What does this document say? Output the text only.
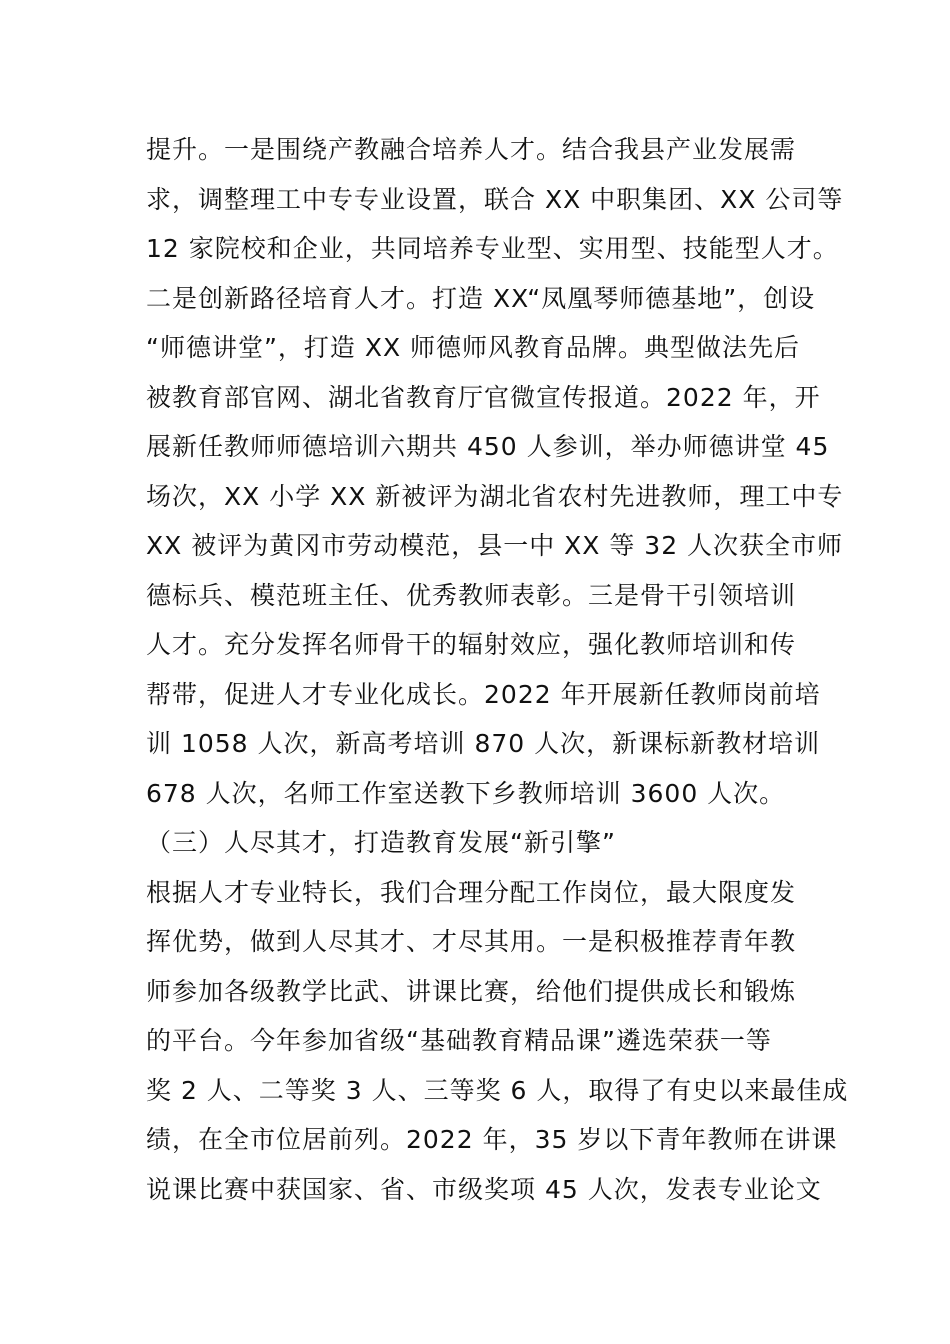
提升。一是围绕产教融合培养人才。结合我县产业发展需
求，调整理工中专专业设置，联合 XX 中职集团、XX 公司等
12 家院校和企业，共同培养专业型、实用型、技能型人才。
二是创新路径培育人才。打造 XX“凤凰琴师德基地”，创设
“师德讲堂”，打造 XX 师德师风教育品牌。典型做法先后
被教育部官网、湖北省教育厅官微宣传报道。2022 年，开
展新任教师师德培训六期共 450 人参训，举办师德讲堂 45
场次，XX 小学 XX 新被评为湖北省农村先进教师，理工中专
XX 被评为黄冈市劳动模范，县一中 XX 等 32 人次获全市师
德标兵、模范班主任、优秀教师表彰。三是骨干引领培训
人才。充分发挥名师骨干的辐射效应，强化教师培训和传
帮带，促进人才专业化成长。2022 年开展新任教师岗前培
训 1058 人次，新高考培训 870 人次，新课标新教材培训
678 人次，名师工作室送教下乡教师培训 3600 人次。
（三）人尽其才，打造教育发展“新引擎”
根据人才专业特长，我们合理分配工作岗位，最大限度发
挥优势，做到人尽其才、才尽其用。一是积极推荐青年教
师参加各级教学比武、讲课比赛，给他们提供成长和锻炼
的平台。今年参加省级“基础教育精品课”遴选荣获一等
奖 2 人、二等奖 3 人、三等奖 6 人，取得了有史以来最佳成
绩，在全市位居前列。2022 年，35 岁以下青年教师在讲课
说课比赛中获国家、省、市级奖项 45 人次，发表专业论文
